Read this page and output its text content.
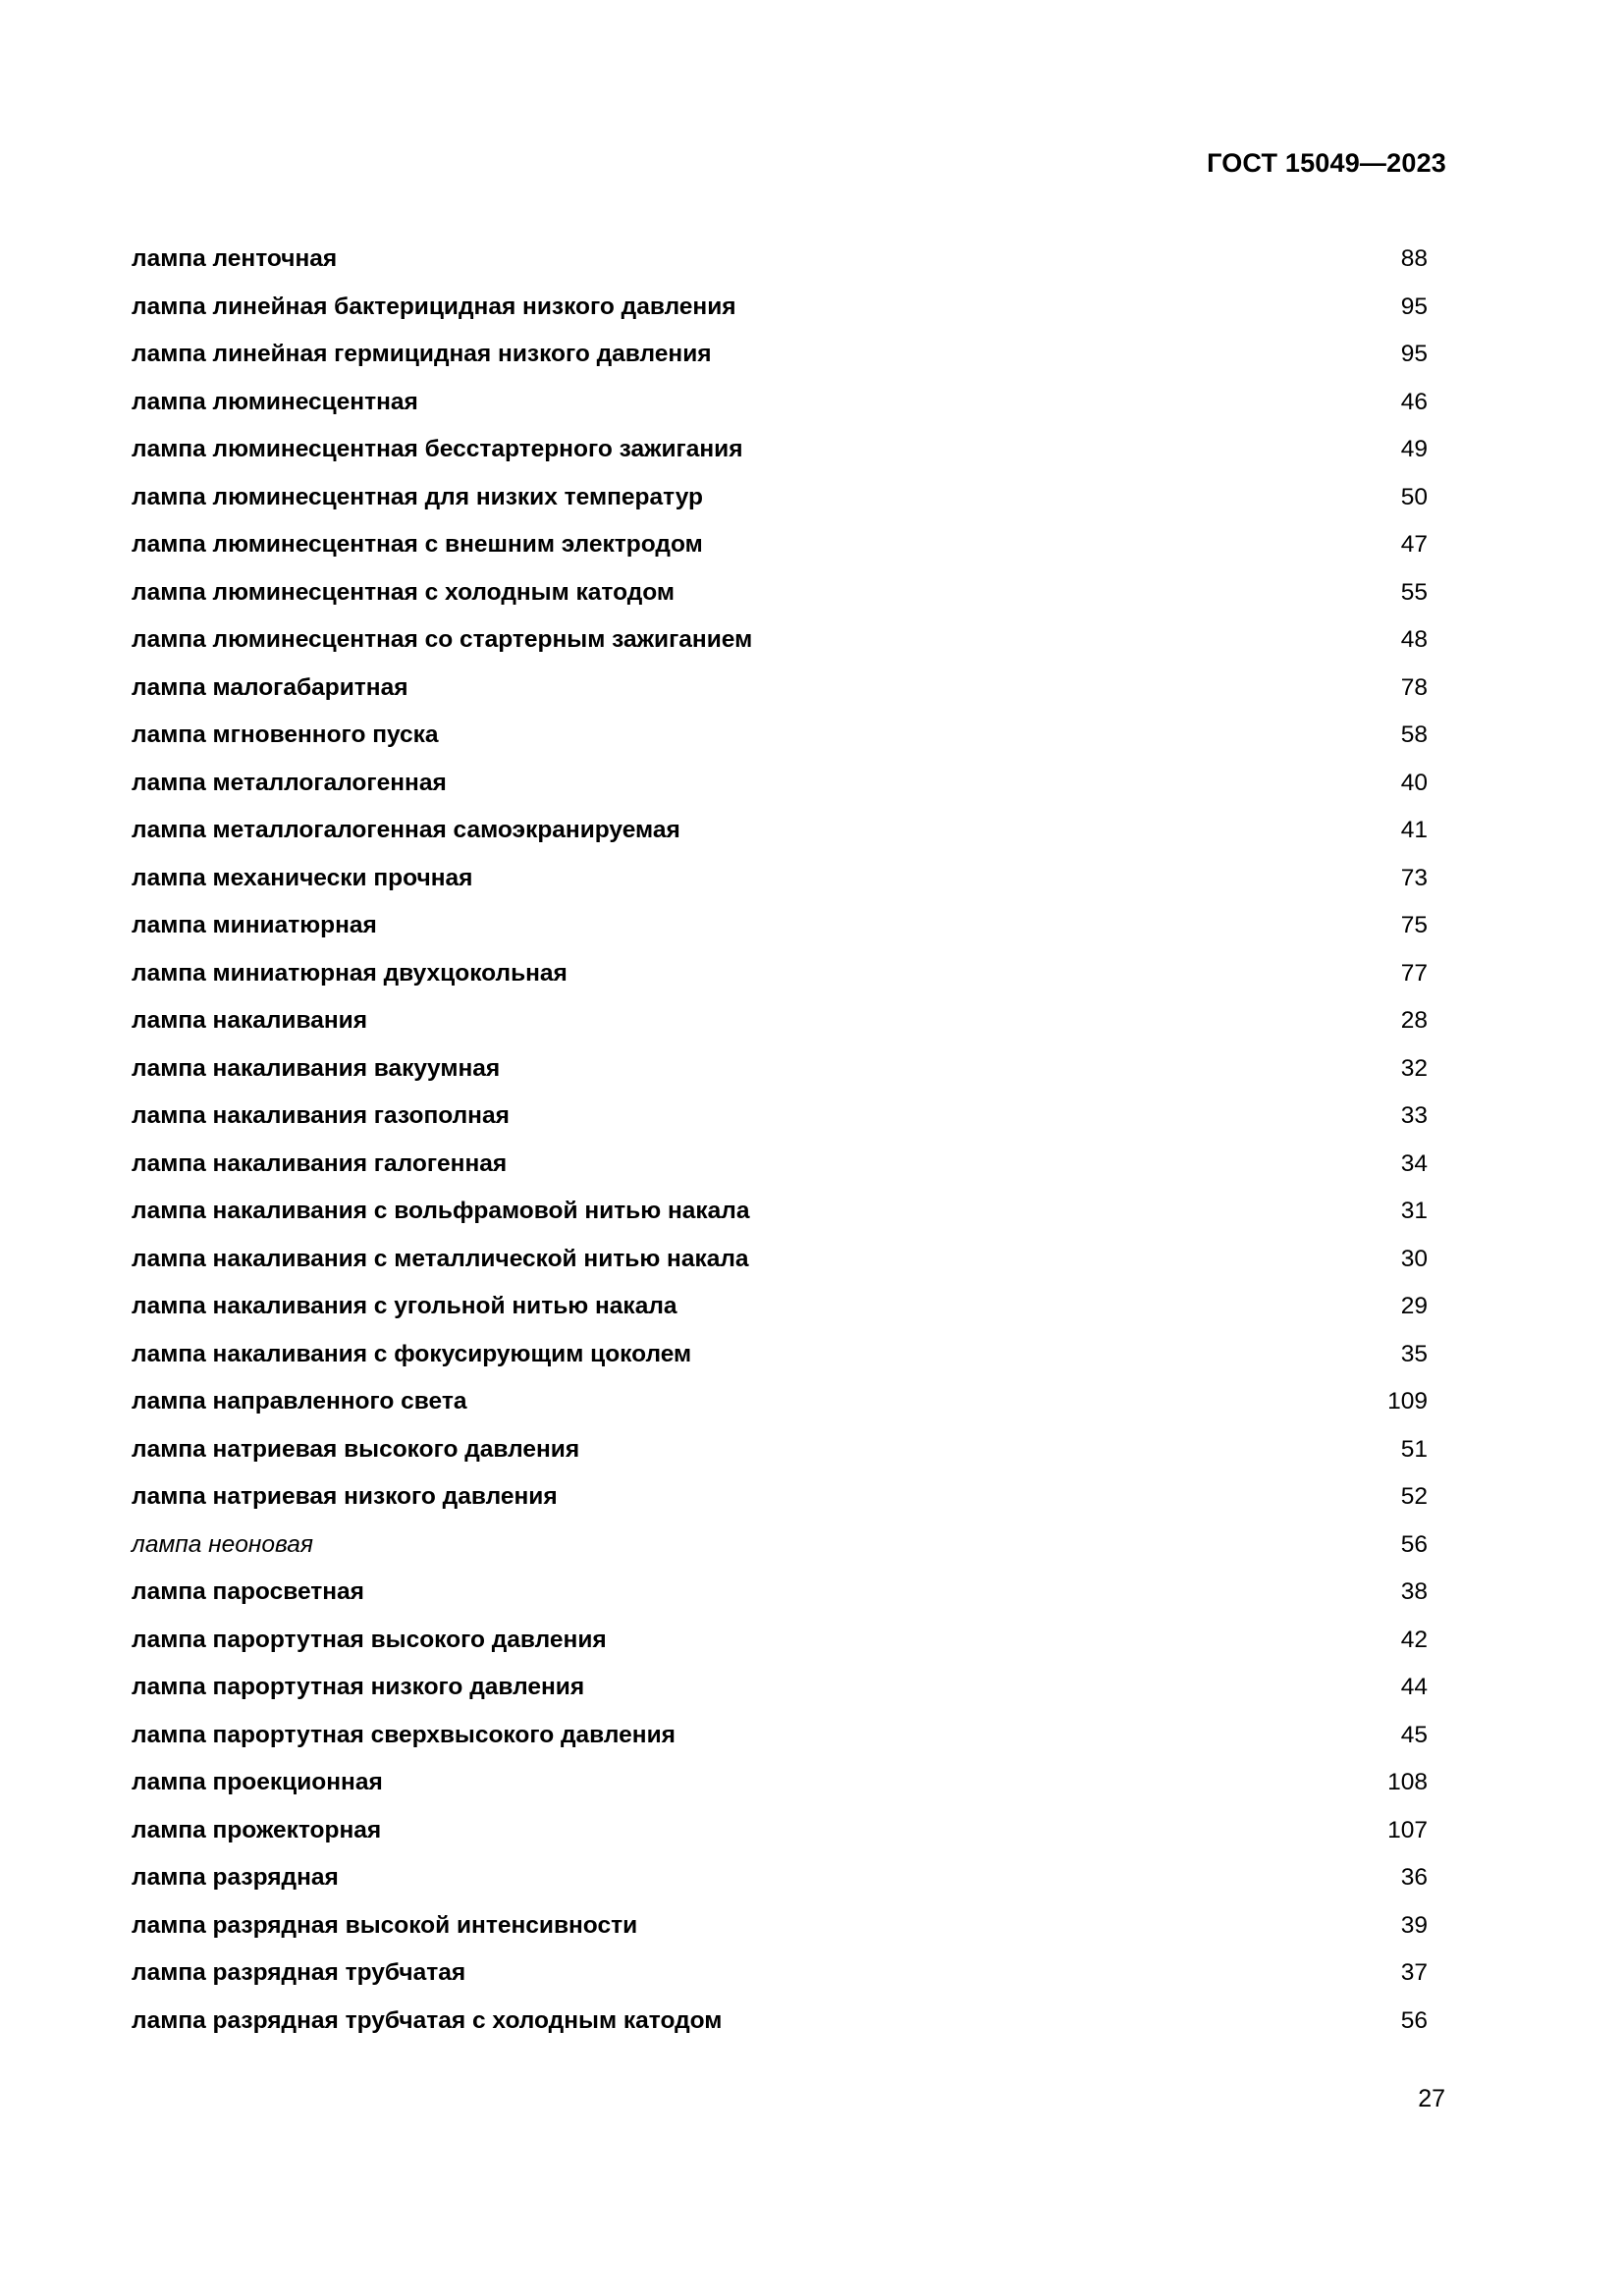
ГОСТ 15049—2023
лампа ленточная	88
лампа линейная бактерицидная низкого давления	95
лампа линейная гермицидная низкого давления	95
лампа люминесцентная	46
лампа люминесцентная бесстартерного зажигания	49
лампа люминесцентная для низких температур	50
лампа люминесцентная с внешним электродом	47
лампа люминесцентная с холодным катодом	55
лампа люминесцентная со стартерным зажиганием	48
лампа малогабаритная	78
лампа мгновенного пуска	58
лампа металлогалогенная	40
лампа металлогалогенная самоэкранируемая	41
лампа механически прочная	73
лампа миниатюрная	75
лампа миниатюрная двухцокольная	77
лампа накаливания	28
лампа накаливания вакуумная	32
лампа накаливания газополная	33
лампа накаливания галогенная	34
лампа накаливания с вольфрамовой нитью накала	31
лампа накаливания с металлической нитью накала	30
лампа накаливания с угольной нитью накала	29
лампа накаливания с фокусирующим цоколем	35
лампа направленного света	109
лампа натриевая высокого давления	51
лампа натриевая низкого давления	52
лампа неоновая	56
лампа паросветная	38
лампа парортутная высокого давления	42
лампа парортутная низкого давления	44
лампа парортутная сверхвысокого давления	45
лампа проекционная	108
лампа прожекторная	107
лампа разрядная	36
лампа разрядная высокой интенсивности	39
лампа разрядная трубчатая	37
лампа разрядная трубчатая с холодным катодом	56
27
